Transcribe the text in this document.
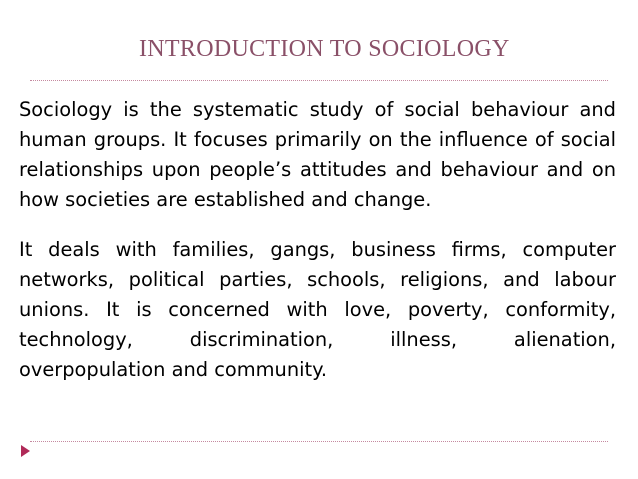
INTRODUCTION TO SOCIOLOGY

Sociology is the systematic study of social behaviour and human groups. It focuses primarily on the influence of social relationships upon people’s attitudes and behaviour and on how societies are established and change.

It deals with families, gangs, business firms, computer networks, political parties, schools, religions, and labour unions. It is concerned with love, poverty, conformity, technology, discrimination, illness, alienation, overpopulation and community.
